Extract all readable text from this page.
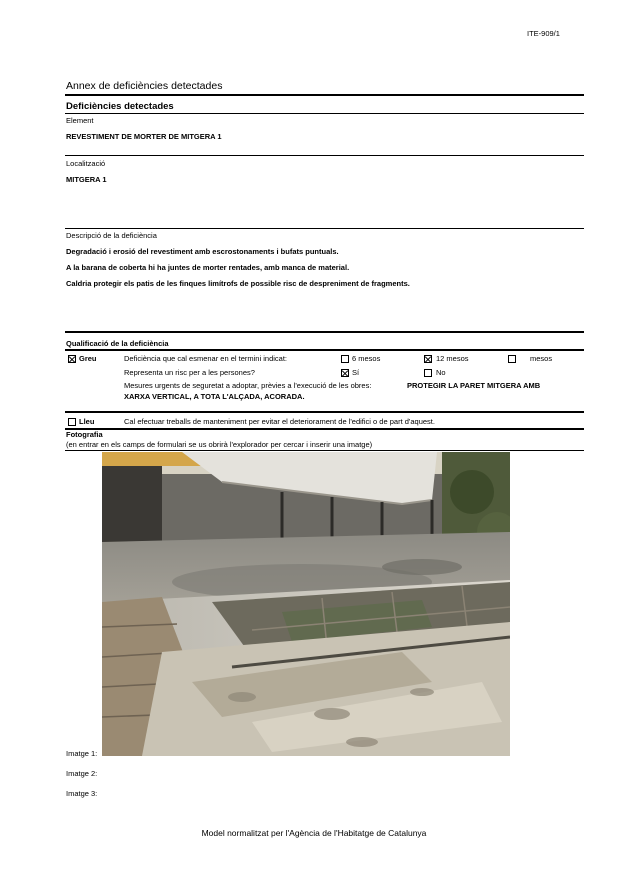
ITE-909/1
Annex de deficiències detectades
Deficiències detectades
Element
REVESTIMENT DE MORTER DE MITGERA 1
Localització
MITGERA 1
Descripció de la deficiència
Degradació i erosió del revestiment amb escrostonaments i bufats puntuals.
A la barana de coberta hi ha juntes de morter rentades, amb manca de material.
Caldria protegir els patis de les finques limítrofs de possible risc de despreniment de fragments.
Qualificació de la deficiència
Greu	Deficiència que cal esmenar en el termini indicat:	6 mesos	12 mesos	mesos
Representa un risc per a les persones?	Sí	No
Mesures urgents de seguretat a adoptar, prèvies a l'execució de les obres:	PROTEGIR LA PARET MITGERA AMB
XARXA VERTICAL, A TOTA L'ALÇADA, ACORADA.
Lleu	Cal efectuar treballs de manteniment per evitar el deteriorament de l'edifici o de part d'aquest.
Fotografia
(en entrar en els camps de formulari se us obrirà l'explorador per cercar i inserir una imatge)
Imatge 1:
Imatge 2:
Imatge 3:
Model normalitzat per l'Agència de l'Habitatge de Catalunya
